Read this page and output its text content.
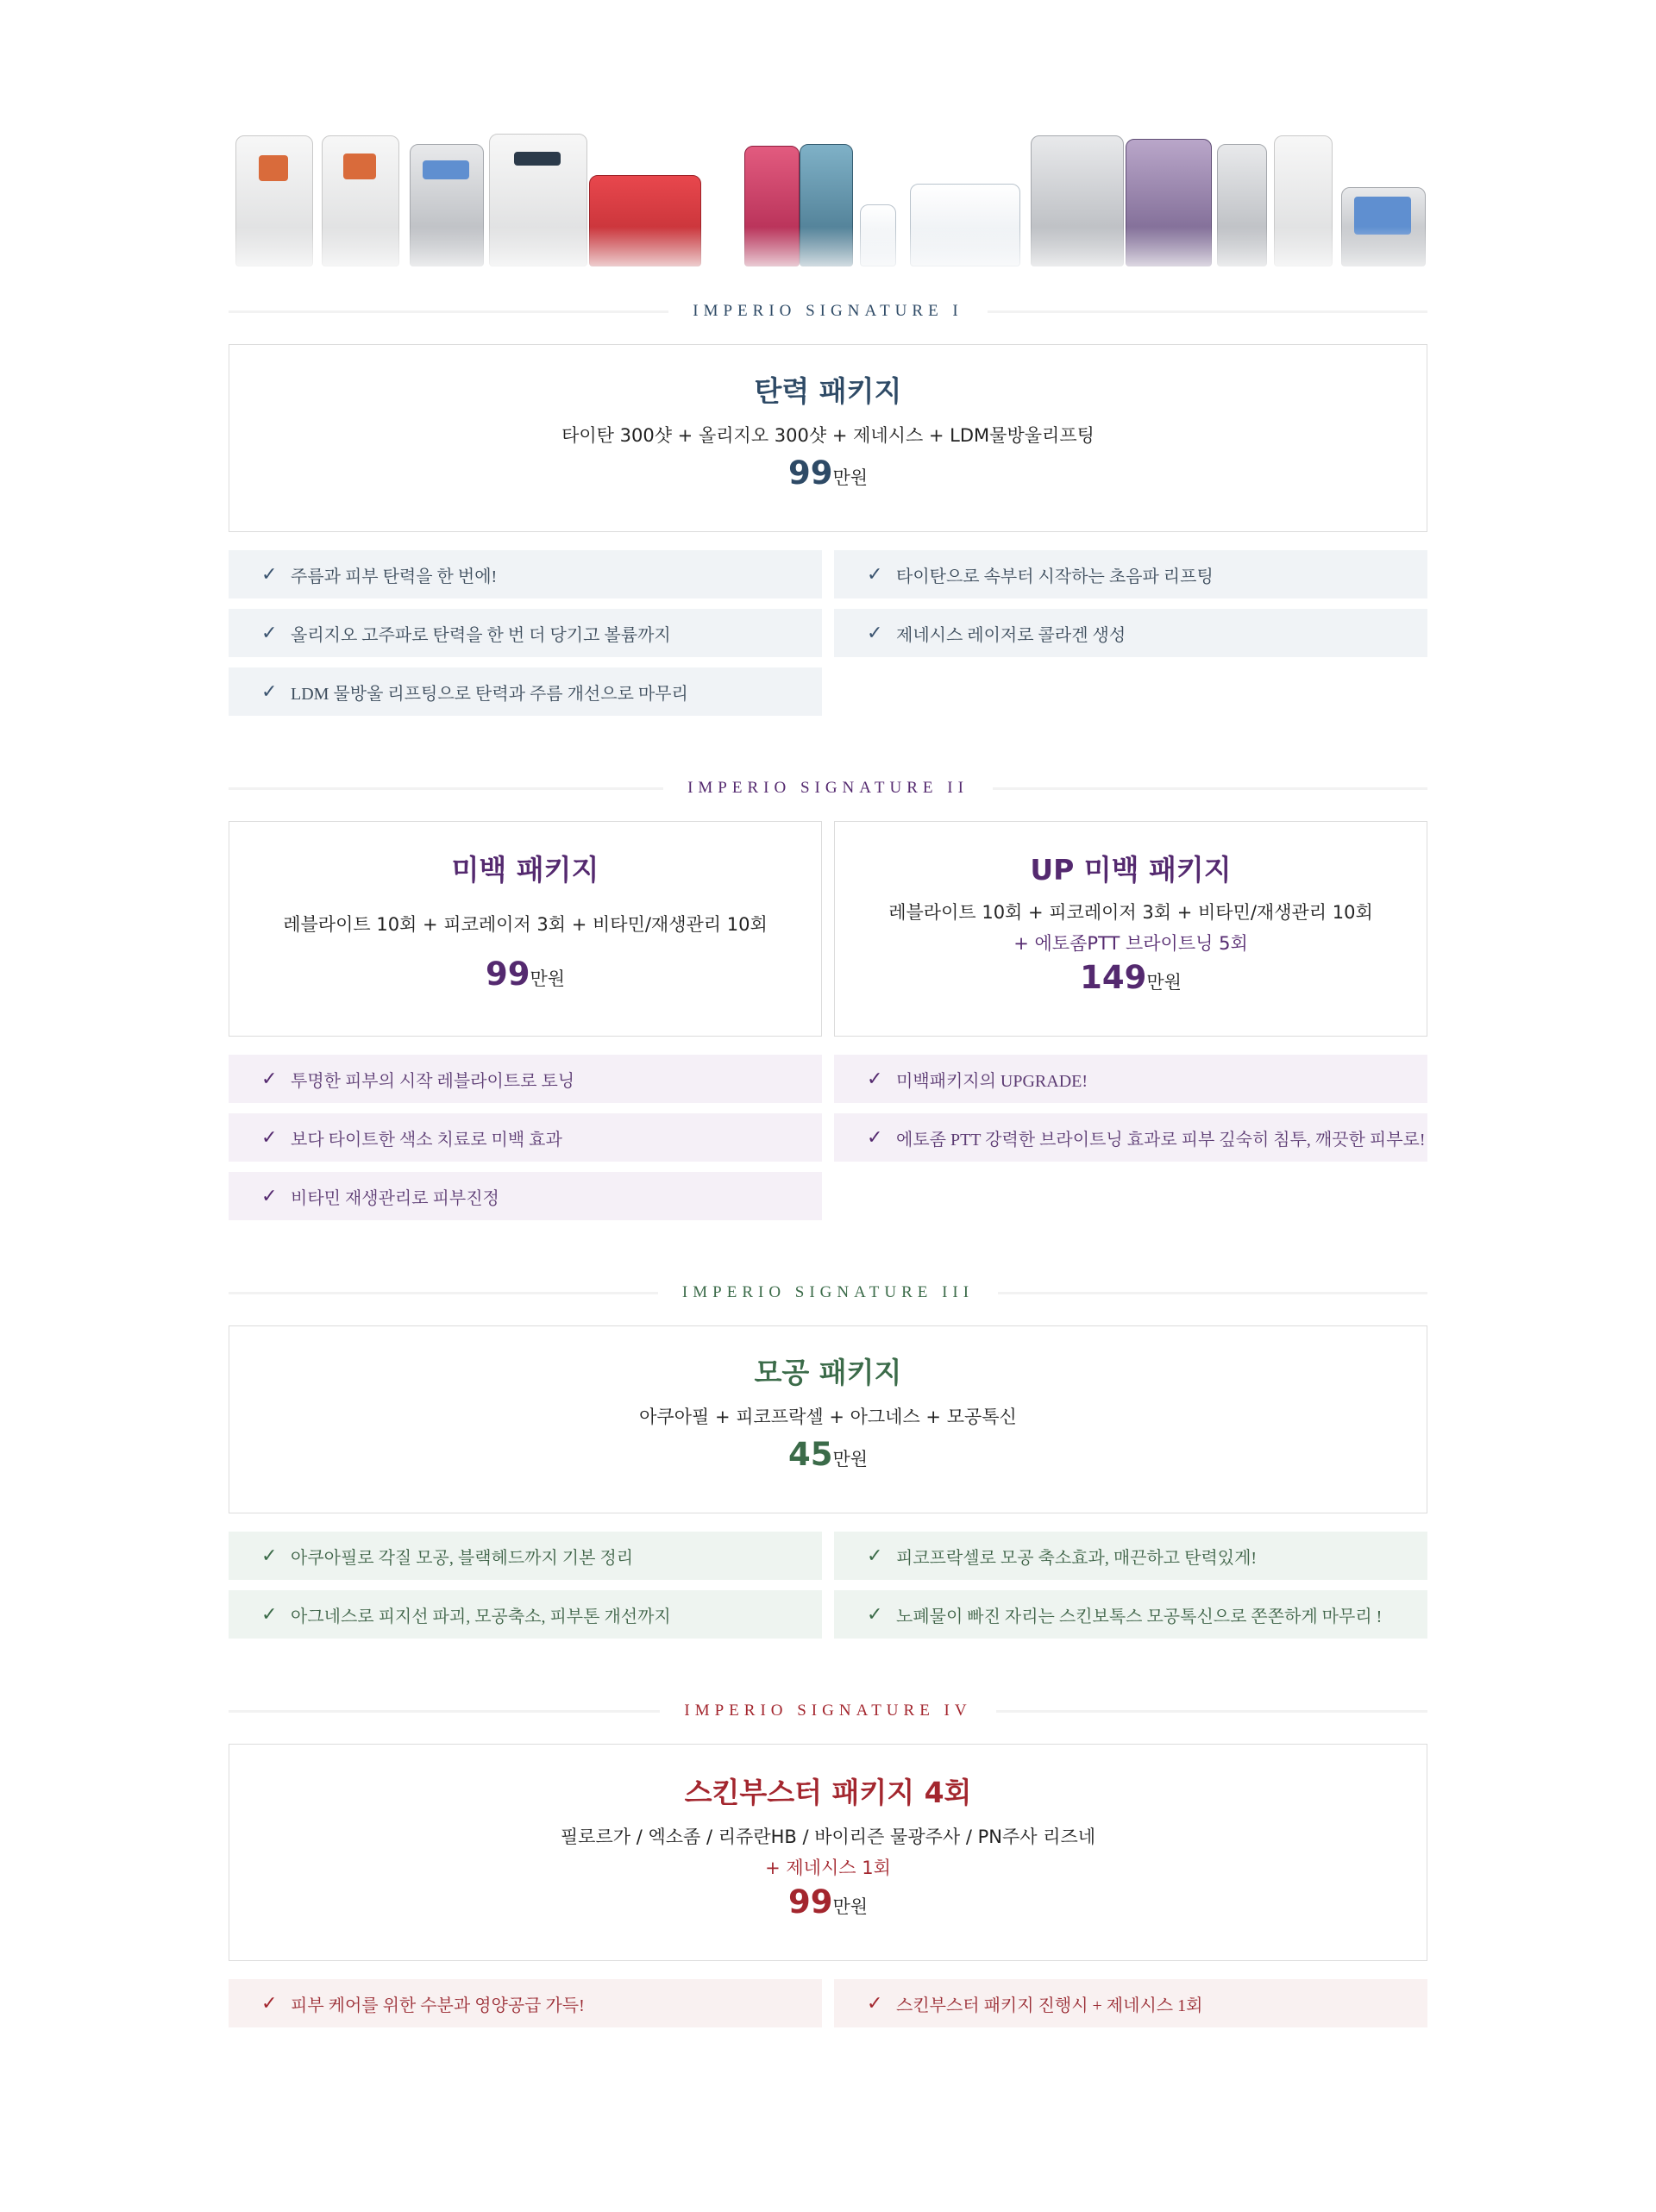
IMPERIO SIGNATURE I
탄력 패키지
타이탄 300샷 + 올리지오 300샷 + 제네시스 + LDM물방울리프팅
99만원
✓ 주름과 피부 탄력을 한 번에!	✓ 타이탄으로 속부터 시작하는 초음파 리프팅
✓ 올리지오 고주파로 탄력을 한 번 더 당기고 볼륨까지	✓ 제네시스 레이저로 콜라겐 생성
✓ LDM 물방울 리프팅으로 탄력과 주름 개선으로 마무리
IMPERIO SIGNATURE II
미백 패키지
레블라이트 10회 + 피코레이저 3회 + 비타민/재생관리 10회
99만원
UP 미백 패키지
레블라이트 10회 + 피코레이저 3회 + 비타민/재생관리 10회
+ 에토좀PTT 브라이트닝 5회
149만원
✓ 투명한 피부의 시작 레블라이트로 토닝	✓ 미백패키지의 UPGRADE!
✓ 보다 타이트한 색소 치료로 미백 효과	✓ 에토좀 PTT 강력한 브라이트닝 효과로 피부 깊숙히 침투, 깨끗한 피부로!
✓ 비타민 재생관리로 피부진정
IMPERIO SIGNATURE III
모공 패키지
아쿠아필 + 피코프락셀 + 아그네스 + 모공톡신
45만원
✓ 아쿠아필로 각질 모공, 블랙헤드까지 기본 정리	✓ 피코프락셀로 모공 축소효과, 매끈하고 탄력있게!
✓ 아그네스로 피지선 파괴, 모공축소, 피부톤 개선까지	✓ 노폐물이 빠진 자리는 스킨보톡스 모공톡신으로 쫀쫀하게 마무리 !
IMPERIO SIGNATURE IV
스킨부스터 패키지 4회
필로르가 / 엑소좀 / 리쥬란HB / 바이리즌 물광주사 / PN주사 리즈네
+ 제네시스 1회
99만원
✓ 피부 케어를 위한 수분과 영양공급 가득!	✓ 스킨부스터 패키지 진행시 + 제네시스 1회
